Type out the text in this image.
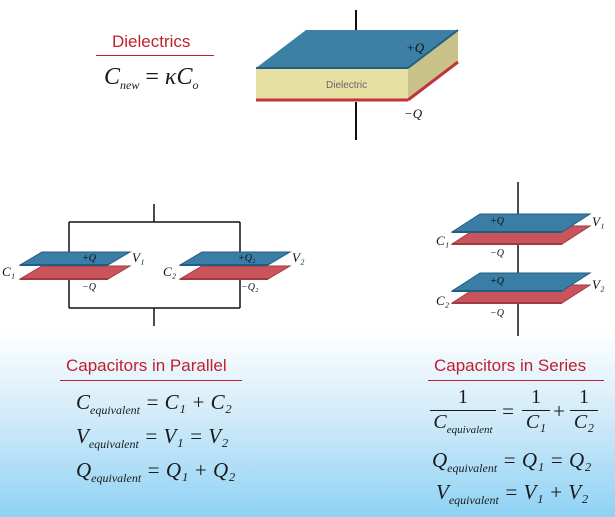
Dielectrics
$C_{new} = \kappa C_o$
+Q
−Q
Dielectric
C₁	C₂
V₁	V₂
+Q
−Q
+Q₂
−Q₂
C₁
C₂
V₁
V₂
+Q
−Q
+Q
−Q
Capacitors in Parallel
$C_{equivalent} = C_1 + C_2$
$V_{equivalent} = V_1 = V_2$
$Q_{equivalent} = Q_1 + Q_2$
Capacitors in Series
1
$C_{equivalent}$
= $\frac{1}{\text{C₁}} + \frac{1}{\text{C₂}}$
$Q_{equivalent} = Q_1 = Q_2$
$V_{equivalent} = V_1 + V_2$
